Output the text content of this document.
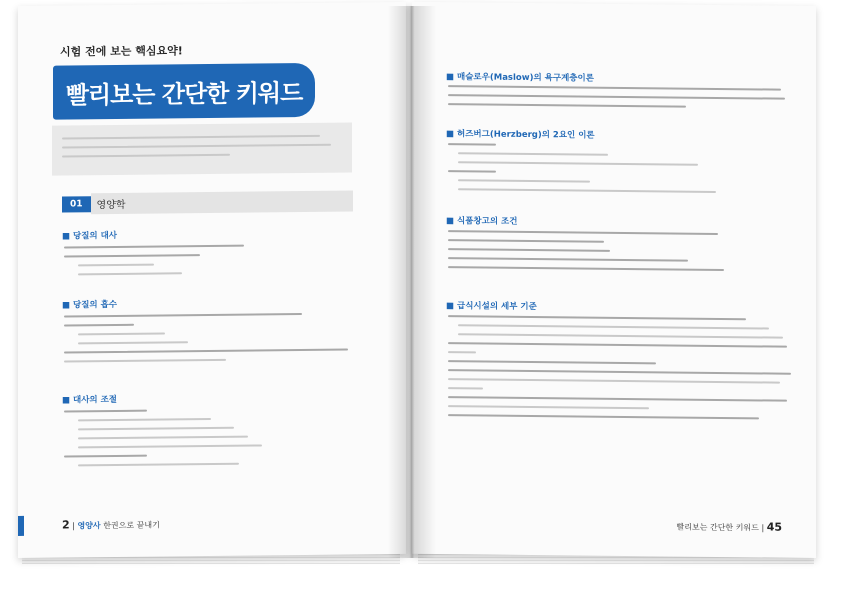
시험 전에 보는 핵심요약!
빨리보는 간단한 키워드
01	영양학
■ 당질의 대사
■ 당질의 흡수
■ 대사의 조절
2 | 영양사 한권으로 끝내기
■ 매슬로우(Maslow)의 욕구계층이론
■ 허즈버그(Herzberg)의 2요인 이론
■ 식품창고의 조건
■ 급식시설의 세부 기준
빨리보는 간단한 키워드 | 45
